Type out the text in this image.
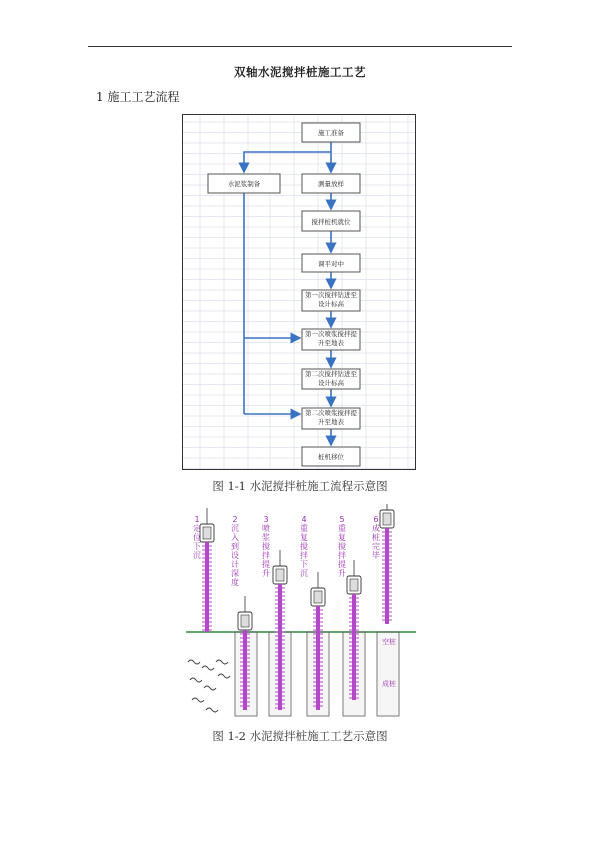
双轴水泥搅拌桩施工工艺
1 施工工艺流程
施工准备
测量放样
搅拌桩机就位
调平对中
第一次搅拌钻进至设计标高
第一次喷浆搅拌提升至地表
第二次搅拌钻进至设计标高
第二次喷浆搅拌提升至地表
桩机移位
水泥浆制备
图 1-1 水泥搅拌桩施工流程示意图
1 定位下沉
2 沉入到设计深度
3 喷浆搅拌提升
4 重复搅拌下沉
5 重复搅拌提升
6 成桩完毕
空桩
成桩
图 1-2 水泥搅拌桩施工工艺示意图
